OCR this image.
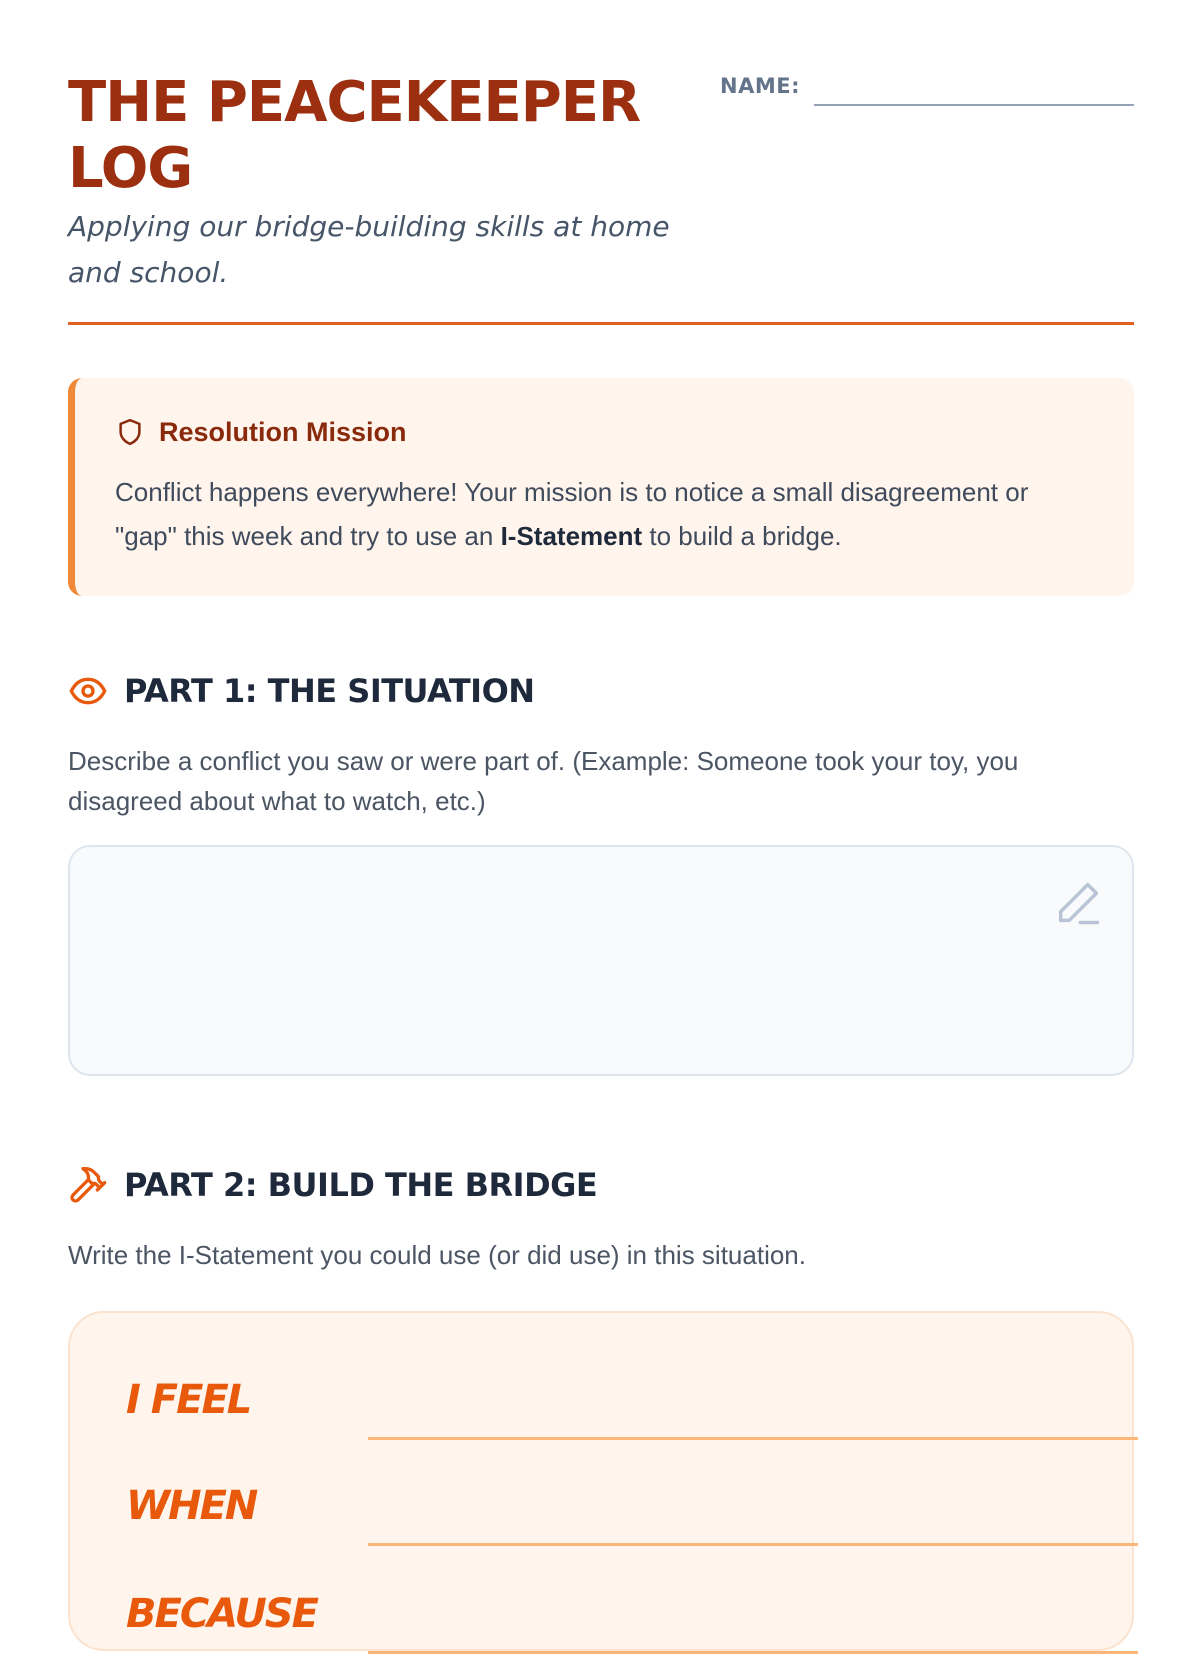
THE PEACEKEEPER LOG

Applying our bridge-building skills at home and school.

NAME:
Resolution Mission

Conflict happens everywhere! Your mission is to notice a small disagreement or "gap" this week and try to use an I-Statement to build a bridge.

PART 1: THE SITUATION

Describe a conflict you saw or were part of. (Example: Someone took your toy, you disagreed about what to watch, etc.)

PART 2: BUILD THE BRIDGE

Write the I-Statement you could use (or did use) in this situation.

I FEEL
WHEN
BECAUSE
